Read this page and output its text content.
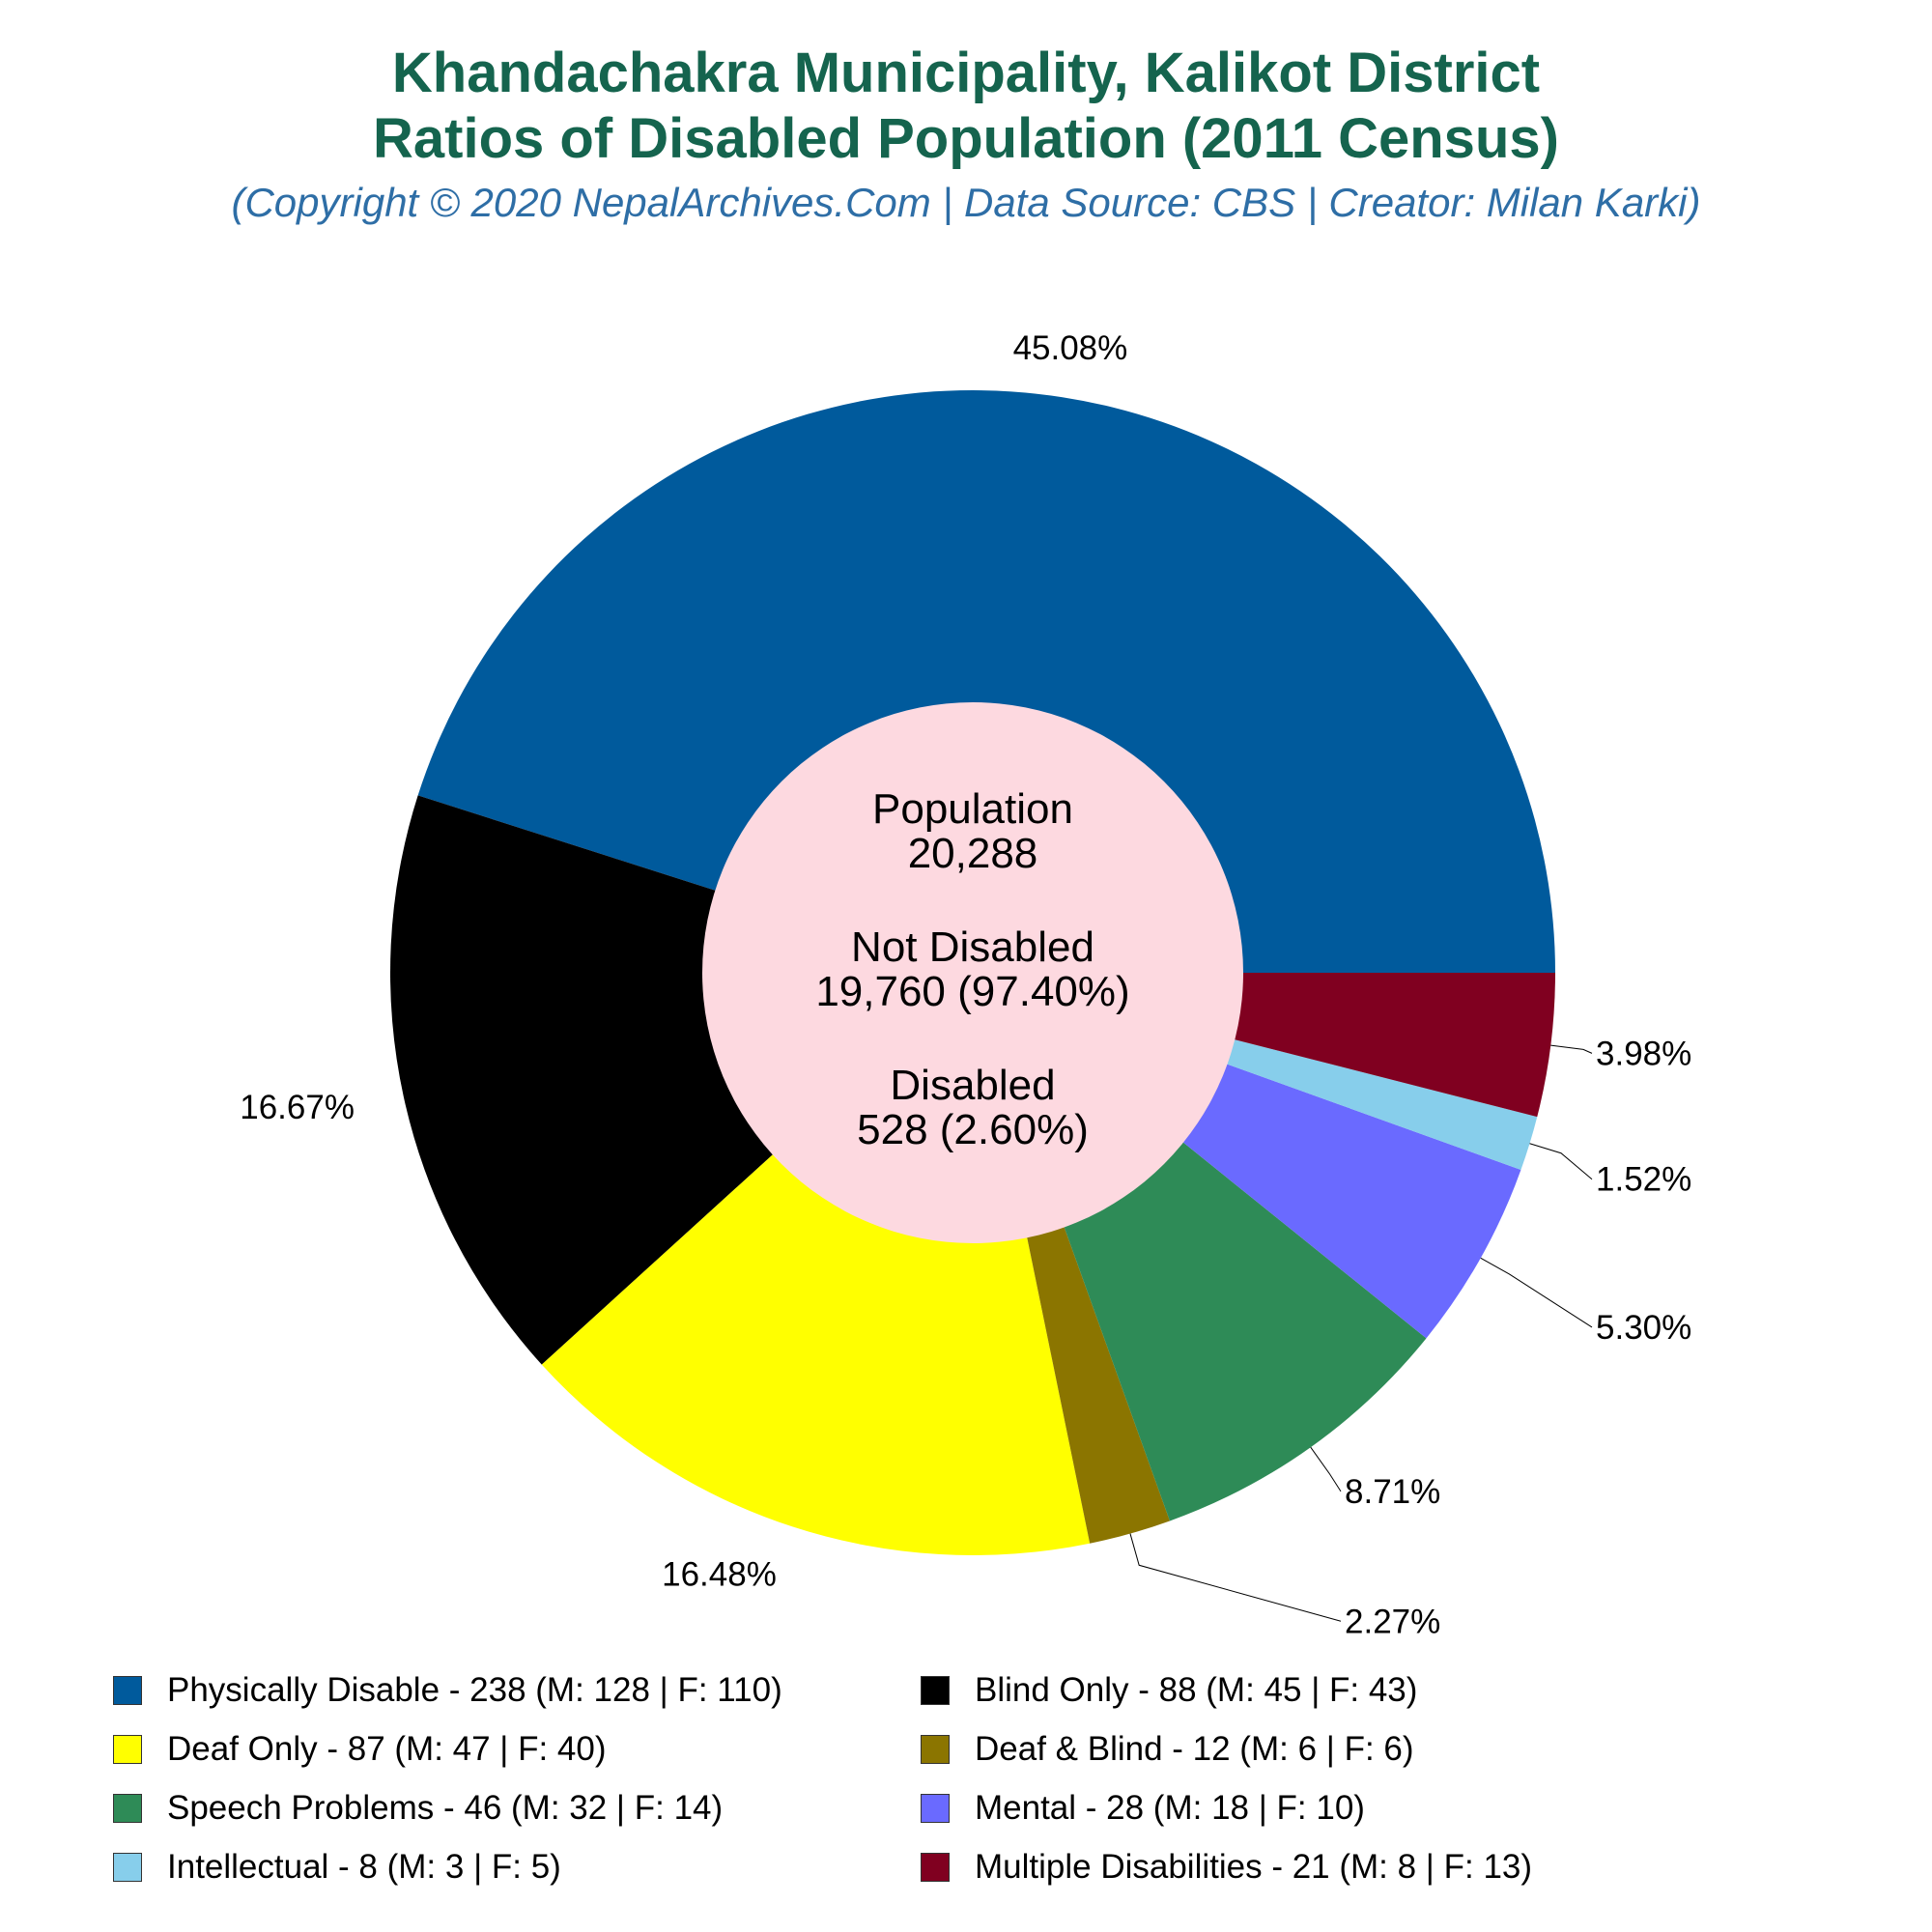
Khandachakra Municipality, Kalikot District
Ratios of Disabled Population (2011 Census)
(Copyright © 2020 NepalArchives.Com | Data Source: CBS | Creator: Milan Karki)
45.08%
16.67%
16.48%
2.27%
8.71%
5.30%
1.52%
3.98%
Population
20,288
Not Disabled
19,760 (97.40%)
Disabled
528 (2.60%)
Physically Disable - 238 (M: 128 | F: 110)	Blind Only - 88 (M: 45 | F: 43)
Deaf Only - 87 (M: 47 | F: 40)	Deaf & Blind - 12 (M: 6 | F: 6)
Speech Problems - 46 (M: 32 | F: 14)	Mental - 28 (M: 18 | F: 10)
Intellectual - 8 (M: 3 | F: 5)	Multiple Disabilities - 21 (M: 8 | F: 13)
